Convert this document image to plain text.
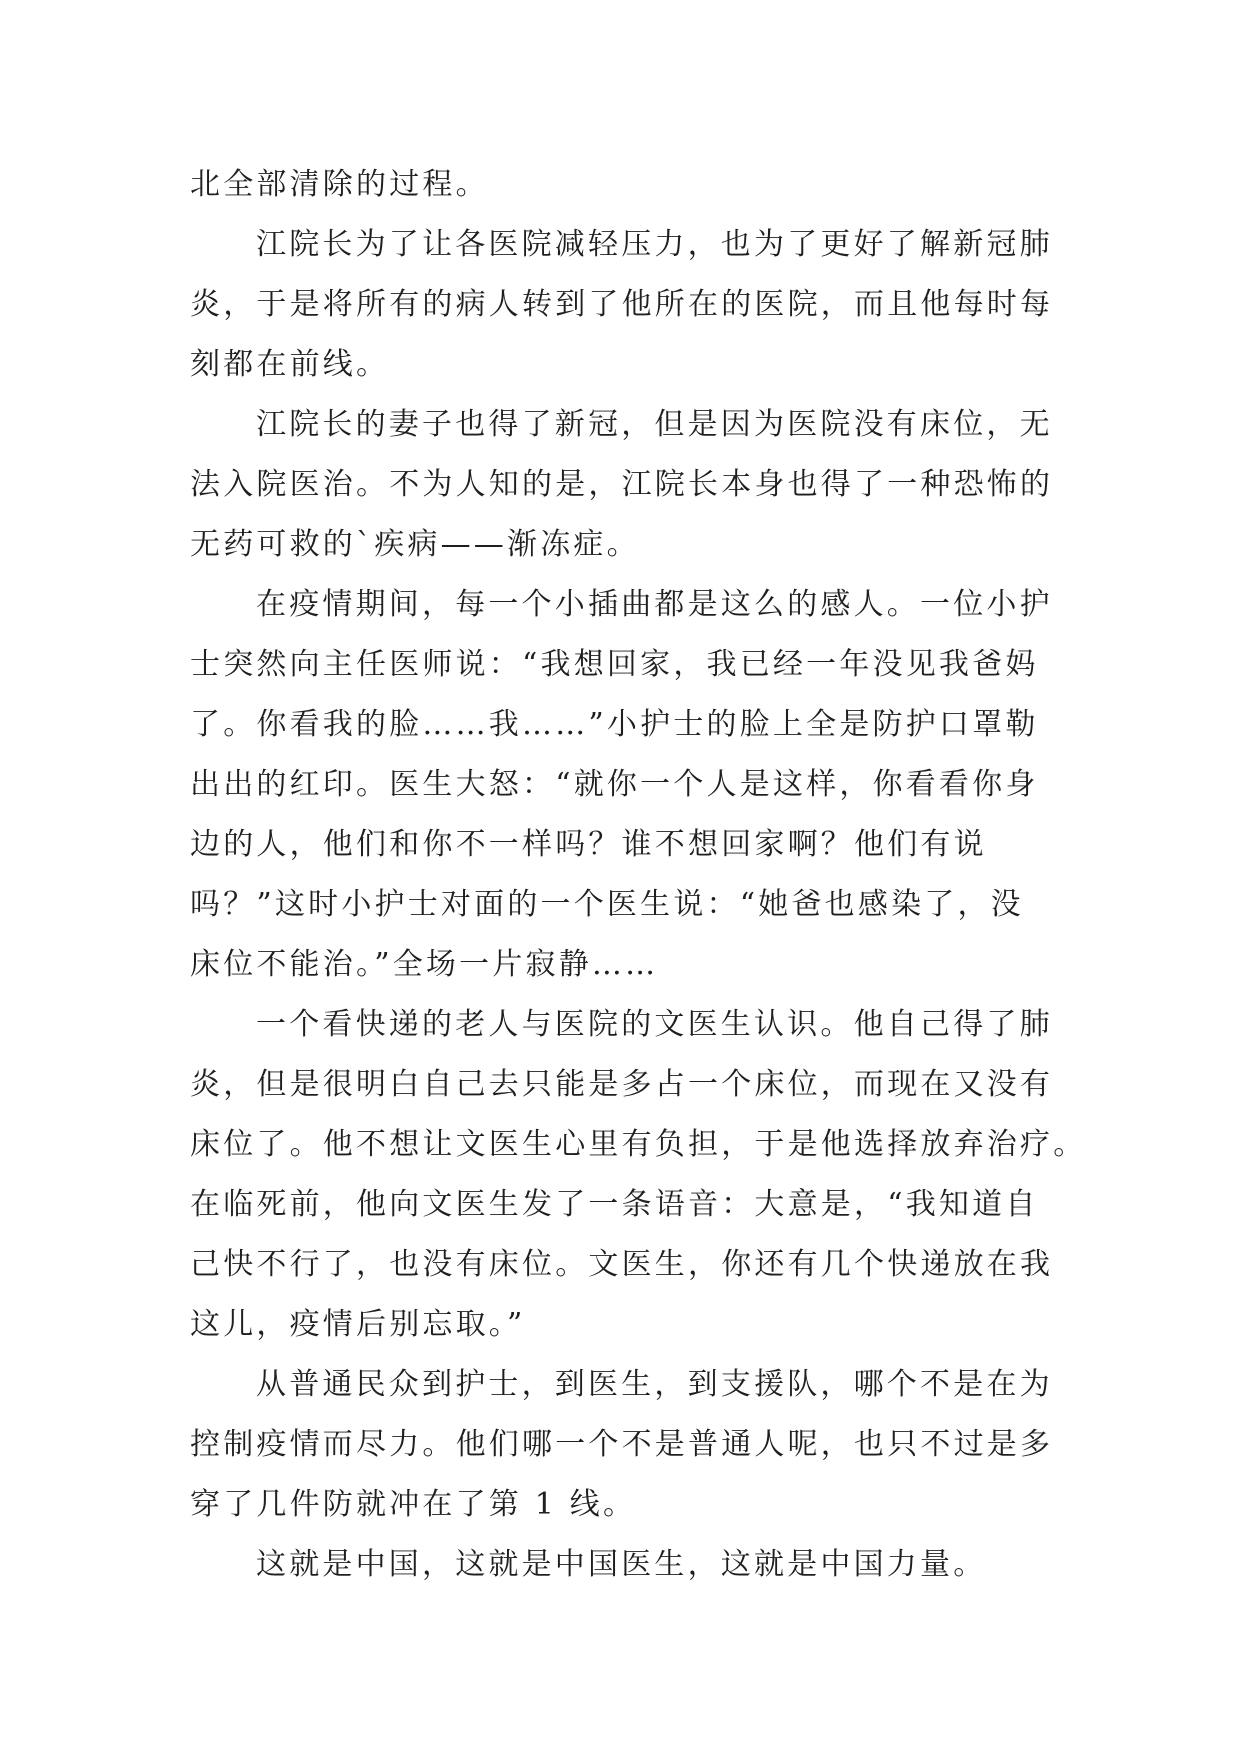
北全部清除的过程。
江院长为了让各医院减轻压力，也为了更好了解新冠肺
炎，于是将所有的病人转到了他所在的医院，而且他每时每
刻都在前线。
江院长的妻子也得了新冠，但是因为医院没有床位，无
法入院医治。不为人知的是，江院长本身也得了一种恐怖的
无药可救的`疾病——渐冻症。
在疫情期间，每一个小插曲都是这么的感人。一位小护
士突然向主任医师说：“我想回家，我已经一年没见我爸妈
了。你看我的脸……我……”小护士的脸上全是防护口罩勒
出出的红印。医生大怒：“就你一个人是这样，你看看你身
边的人，他们和你不一样吗？谁不想回家啊？他们有说
吗？”这时小护士对面的一个医生说：“她爸也感染了，没
床位不能治。”全场一片寂静……
一个看快递的老人与医院的文医生认识。他自己得了肺
炎，但是很明白自己去只能是多占一个床位，而现在又没有
床位了。他不想让文医生心里有负担，于是他选择放弃治疗。
在临死前，他向文医生发了一条语音：大意是，“我知道自
己快不行了，也没有床位。文医生，你还有几个快递放在我
这儿，疫情后别忘取。”
从普通民众到护士，到医生，到支援队，哪个不是在为
控制疫情而尽力。他们哪一个不是普通人呢，也只不过是多
穿了几件防就冲在了第 1 线。
这就是中国，这就是中国医生，这就是中国力量。
